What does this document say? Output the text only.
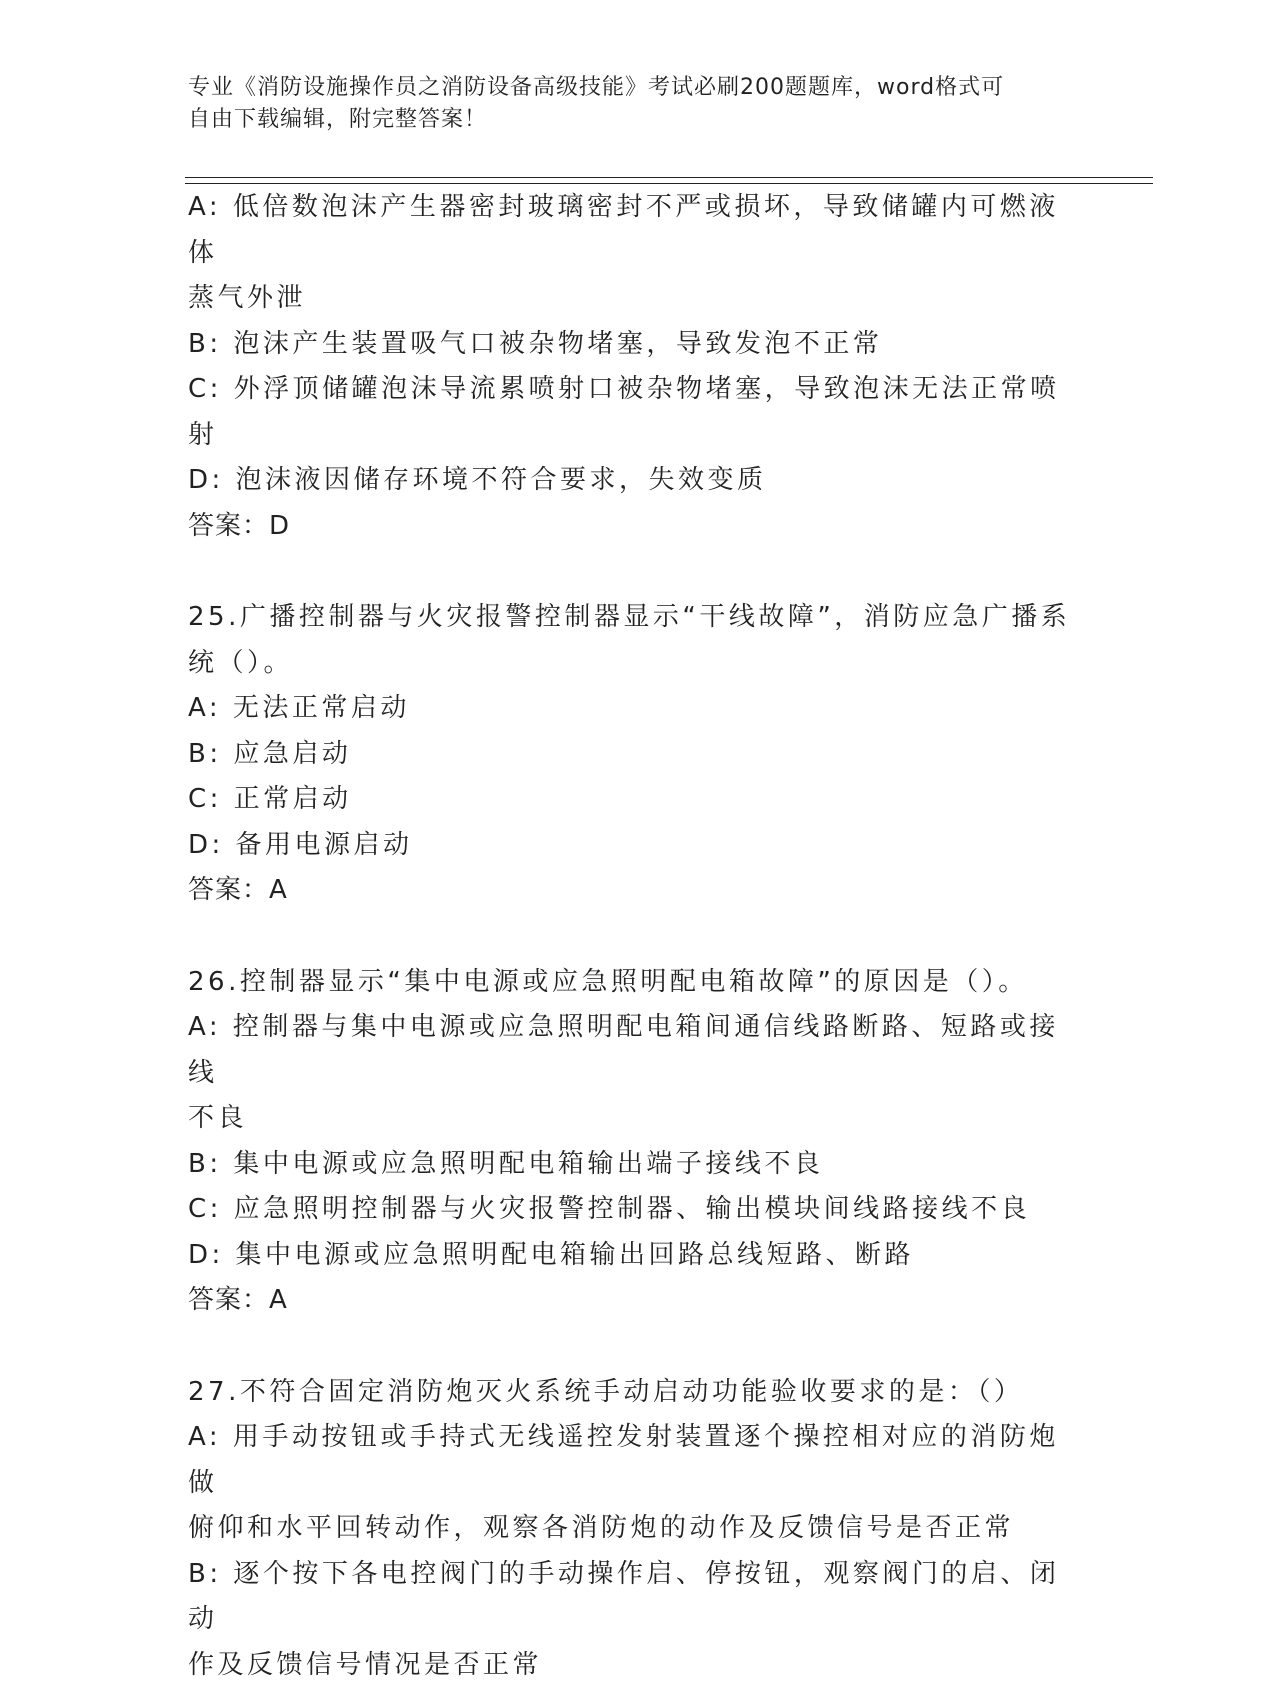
专业《消防设施操作员之消防设备高级技能》考试必刷200题题库，word格式可
自由下载编辑，附完整答案！
A: 低倍数泡沫产生器密封玻璃密封不严或损坏，导致储罐内可燃液体
蒸气外泄
B: 泡沫产生装置吸气口被杂物堵塞，导致发泡不正常
C: 外浮顶储罐泡沫导流累喷射口被杂物堵塞，导致泡沫无法正常喷射
D: 泡沫液因储存环境不符合要求，失效变质
答案：D
25.广播控制器与火灾报警控制器显示“干线故障”，消防应急广播系
统（）。
A: 无法正常启动
B: 应急启动
C: 正常启动
D: 备用电源启动
答案：A
26.控制器显示“集中电源或应急照明配电箱故障”的原因是（）。
A: 控制器与集中电源或应急照明配电箱间通信线路断路、短路或接线
不良
B: 集中电源或应急照明配电箱输出端子接线不良
C: 应急照明控制器与火灾报警控制器、输出模块间线路接线不良
D: 集中电源或应急照明配电箱输出回路总线短路、断路
答案：A
27.不符合固定消防炮灭火系统手动启动功能验收要求的是：（）
A: 用手动按钮或手持式无线遥控发射装置逐个操控相对应的消防炮做
俯仰和水平回转动作，观察各消防炮的动作及反馈信号是否正常
B: 逐个按下各电控阀门的手动操作启、停按钮，观察阀门的启、闭动
作及反馈信号情况是否正常
